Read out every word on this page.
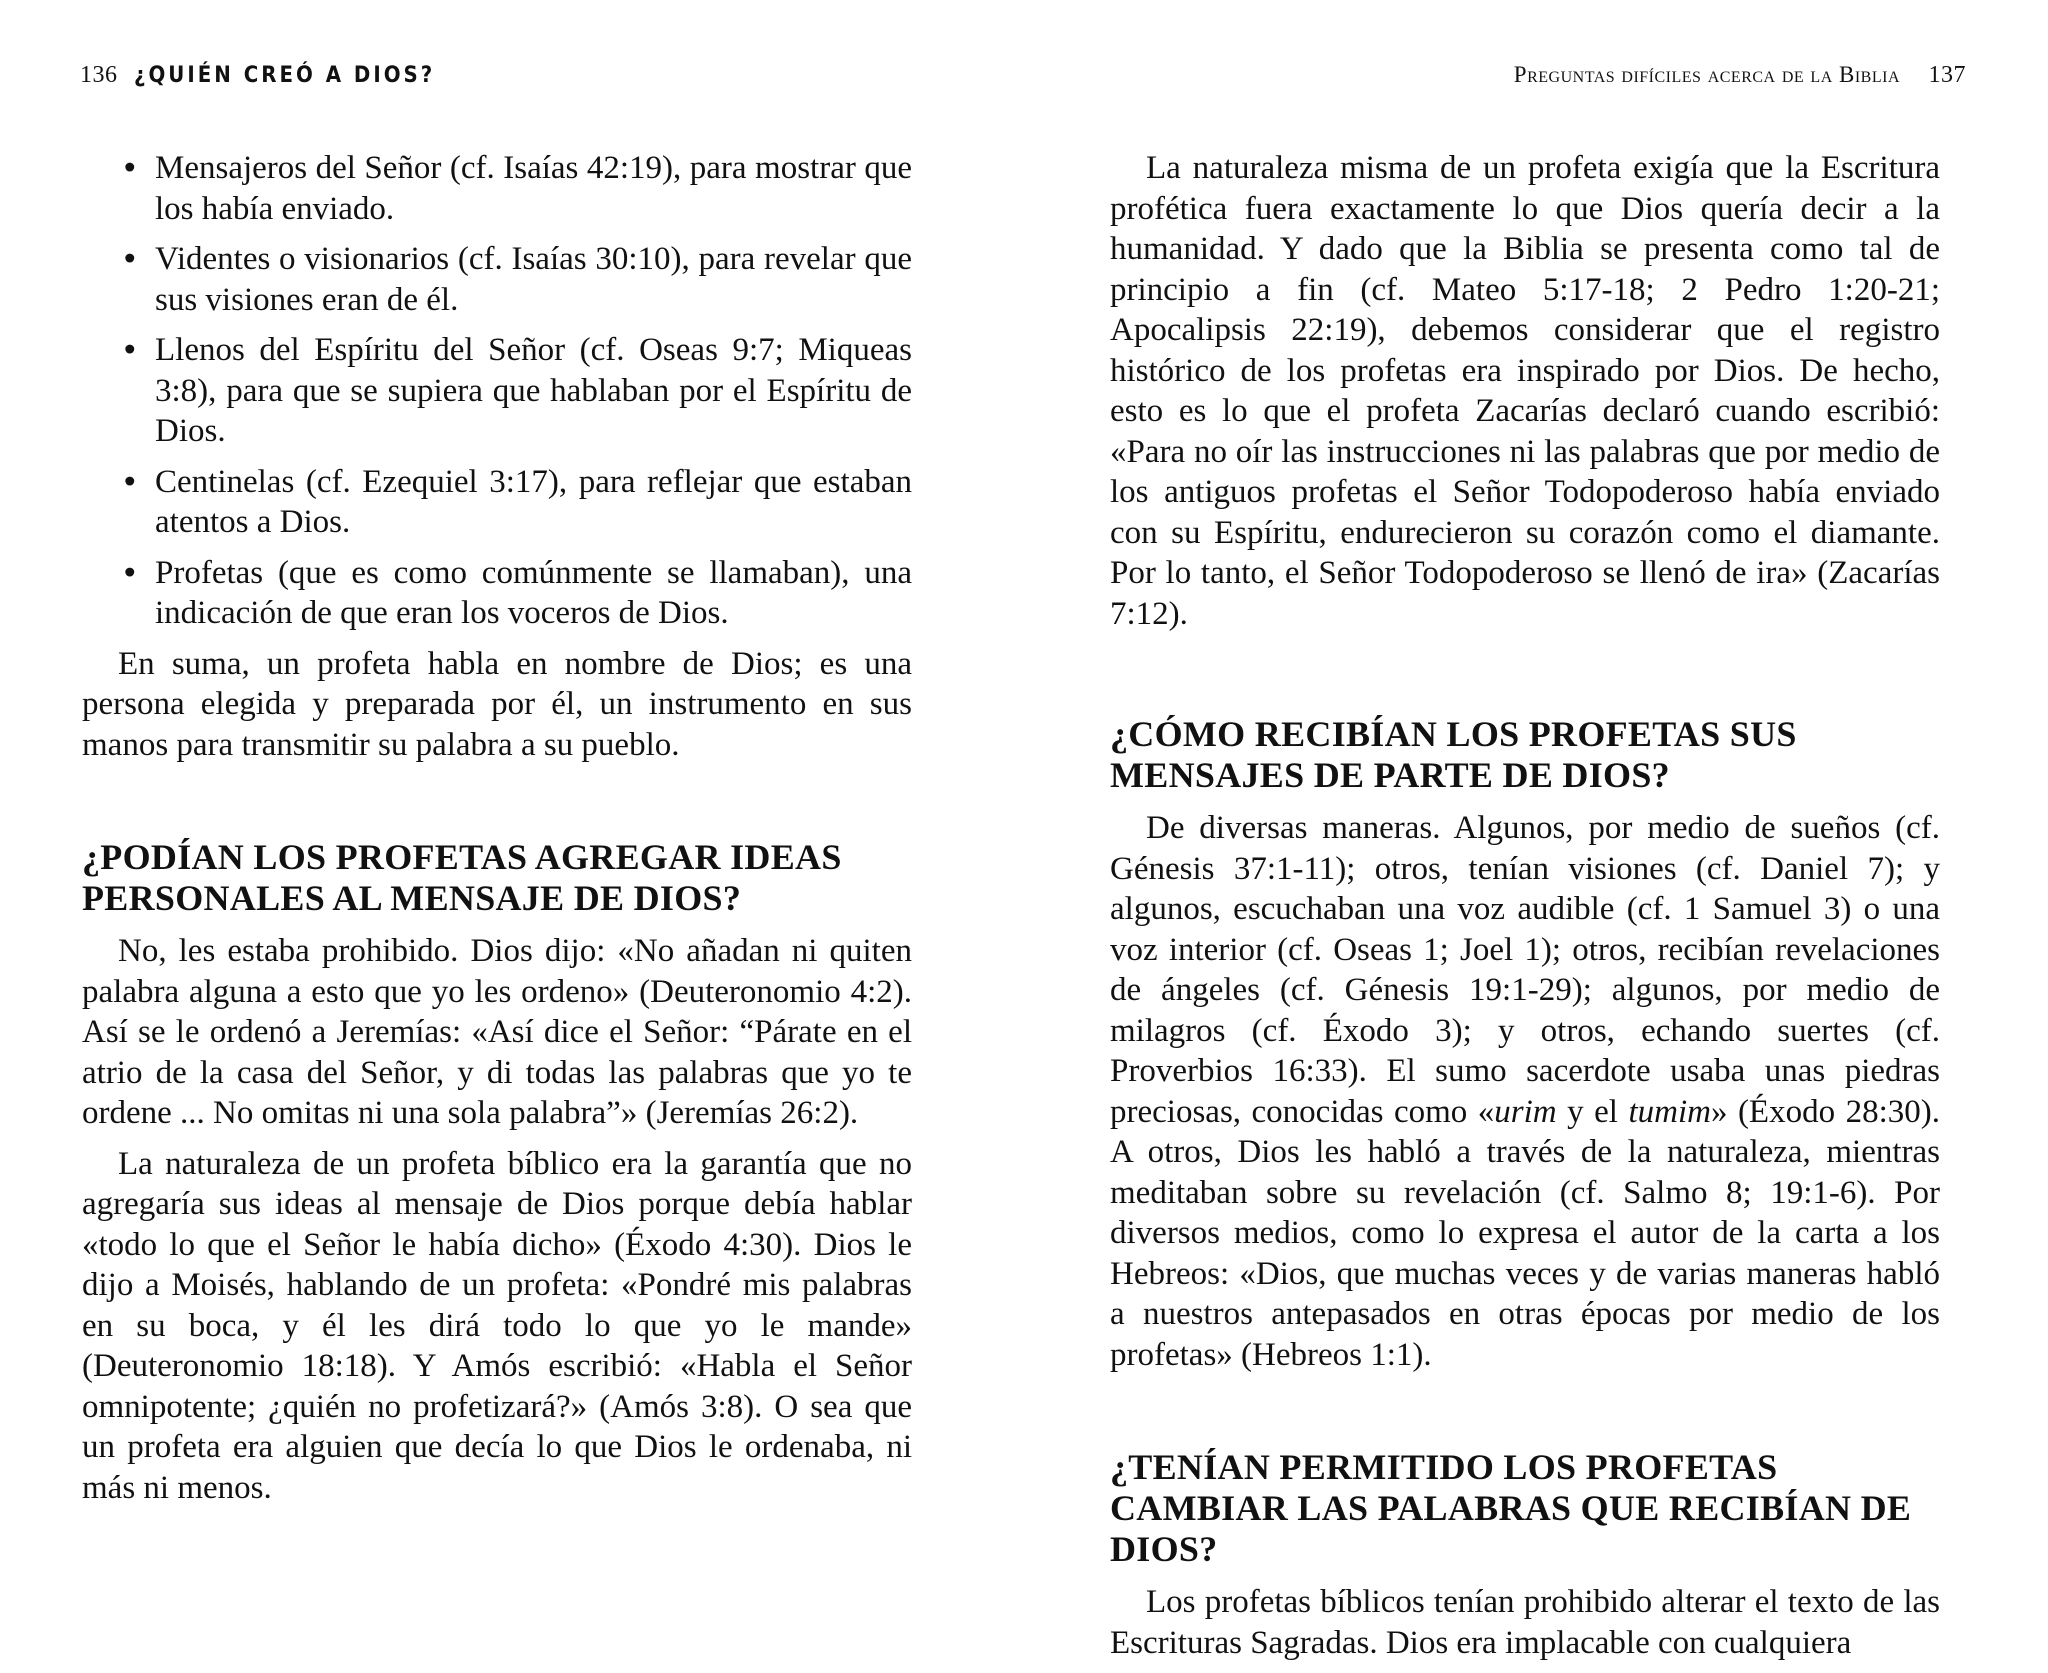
136 ¿QUIÉN CREÓ A DIOS?
• Mensajeros del Señor (cf. Isaías 42:19), para mostrar que los había enviado.
• Videntes o visionarios (cf. Isaías 30:10), para revelar que sus visiones eran de él.
• Llenos del Espíritu del Señor (cf. Oseas 9:7; Miqueas 3:8), para que se supiera que hablaban por el Espíritu de Dios.
• Centinelas (cf. Ezequiel 3:17), para reflejar que estaban atentos a Dios.
• Profetas (que es como comúnmente se llamaban), una indicación de que eran los voceros de Dios.

En suma, un profeta habla en nombre de Dios; es una persona elegida y preparada por él, un instrumento en sus manos para transmitir su palabra a su pueblo.

¿PODÍAN LOS PROFETAS AGREGAR IDEAS PERSONALES AL MENSAJE DE DIOS?

No, les estaba prohibido. Dios dijo: «No añadan ni quiten palabra alguna a esto que yo les ordeno» (Deuteronomio 4:2). Así se le ordenó a Jeremías: «Así dice el Señor: “Párate en el atrio de la casa del Señor, y di todas las palabras que yo te ordene ... No omitas ni una sola palabra”» (Jeremías 26:2).

La naturaleza de un profeta bíblico era la garantía que no agregaría sus ideas al mensaje de Dios porque debía hablar «todo lo que el Señor le había dicho» (Éxodo 4:30). Dios le dijo a Moisés, hablando de un profeta: «Pondré mis palabras en su boca, y él les dirá todo lo que yo le mande» (Deuteronomio 18:18). Y Amós escribió: «Habla el Señor omnipotente; ¿quién no profetizará?» (Amós 3:8). O sea que un profeta era alguien que decía lo que Dios le ordenaba, ni más ni menos.

Preguntas difíciles acerca de la Biblia 137

La naturaleza misma de un profeta exigía que la Escritura profética fuera exactamente lo que Dios quería decir a la humanidad. Y dado que la Biblia se presenta como tal de principio a fin (cf. Mateo 5:17-18; 2 Pedro 1:20-21; Apocalipsis 22:19), debemos considerar que el registro histórico de los profetas era inspirado por Dios. De hecho, esto es lo que el profeta Zacarías declaró cuando escribió: «Para no oír las instrucciones ni las palabras que por medio de los antiguos profetas el Señor Todopoderoso había enviado con su Espíritu, endurecieron su corazón como el diamante. Por lo tanto, el Señor Todopoderoso se llenó de ira» (Zacarías 7:12).

¿CÓMO RECIBÍAN LOS PROFETAS SUS MENSAJES DE PARTE DE DIOS?

De diversas maneras. Algunos, por medio de sueños (cf. Génesis 37:1-11); otros, tenían visiones (cf. Daniel 7); y algunos, escuchaban una voz audible (cf. 1 Samuel 3) o una voz interior (cf. Oseas 1; Joel 1); otros, recibían revelaciones de ángeles (cf. Génesis 19:1-29); algunos, por medio de milagros (cf. Éxodo 3); y otros, echando suertes (cf. Proverbios 16:33). El sumo sacerdote usaba unas piedras preciosas, conocidas como «urim y el tumim» (Éxodo 28:30). A otros, Dios les habló a través de la naturaleza, mientras meditaban sobre su revelación (cf. Salmo 8; 19:1-6). Por diversos medios, como lo expresa el autor de la carta a los Hebreos: «Dios, que muchas veces y de varias maneras habló a nuestros antepasados en otras épocas por medio de los profetas» (Hebreos 1:1).

¿TENÍAN PERMITIDO LOS PROFETAS CAMBIAR LAS PALABRAS QUE RECIBÍAN DE DIOS?

Los profetas bíblicos tenían prohibido alterar el texto de las Escrituras Sagradas. Dios era implacable con cualquiera
